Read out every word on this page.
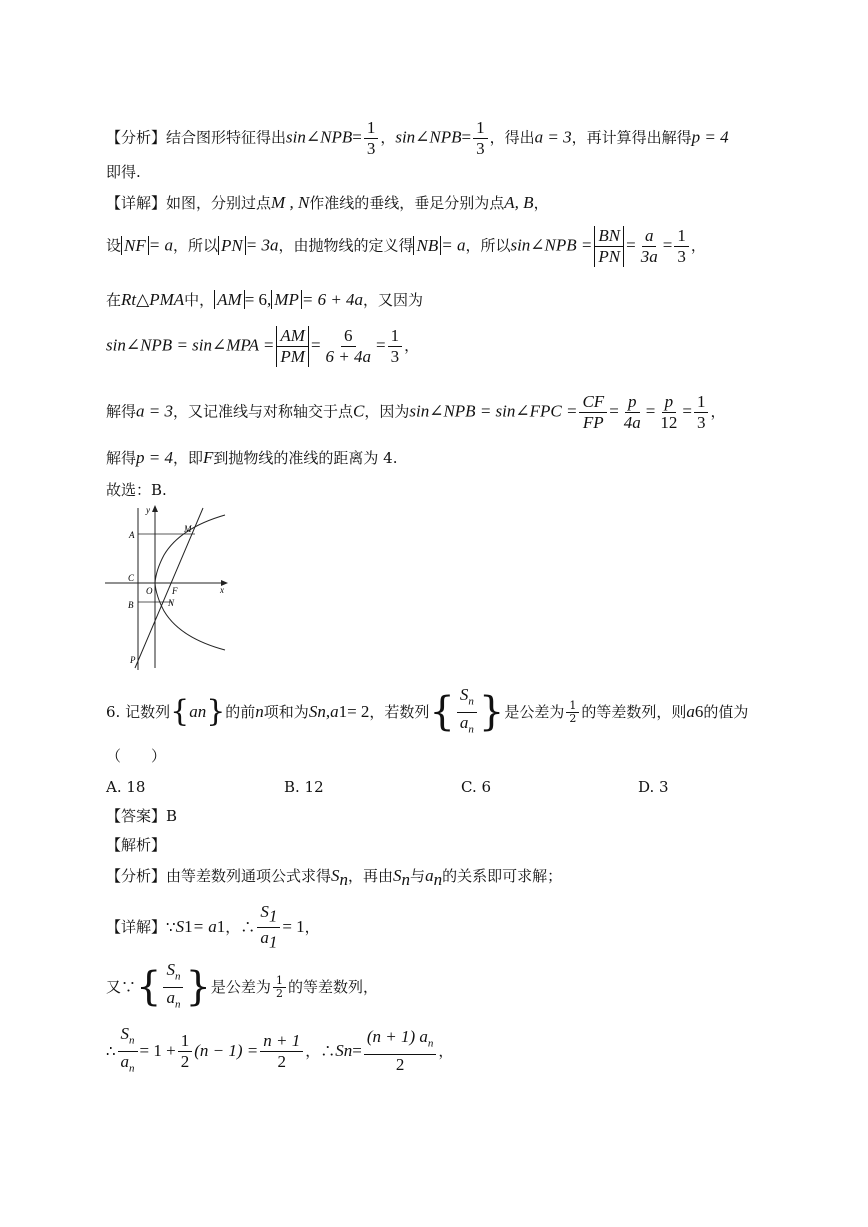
【分析】结合图形特征得出sin∠NPB= $\frac{1}{3}$ ，sin∠NPB= $\frac{1}{3}$ ，得出a = 3，再计算得出解得p = 4
即得.
【详解】如图，分别过点M , N作准线的垂线，垂足分别为点A, B，
设 NF = a，所以 PN = 3a，由抛物线的定义得 NB = a，所以sin∠NPB = $\frac{BN}{PN} = \frac{a}{3a} = \frac{1}{3}$ ，
在Rt△PMA中， AM = 6, MP = 6 + 4a，又因为
sin∠NPB = sin∠MPA = $\frac{AM}{PM} = \frac{6}{6 + 4a} = \frac{1}{3}$ ，
解得a = 3，又记准线与对称轴交于点C，因为sin∠NPB = sin∠FPC = $\frac{CF}{FP} = \frac{p}{4a} = \frac{p}{12} = \frac{1}{3}$ ，
解得p = 4，即F到抛物线的准线的距离为 4.
故选：B.
y
A
M
C
O F	x
B	N
P
6. 记数列 { a n } 的前 n 项和为 S n , a 1 = 2 ，若数列 { $\frac{S_n}{a_n}$ } 是公差为 $\frac{1}{2}$ 的等差数列，则 a 6 的值为
（　　）
A. 18	B. 12	C. 6	D. 3
【答案】B
【解析】
【分析】由等差数列通项公式求得$S_n$，再由$S_n$与$a_n$的关系即可求解；
【详解】 ∵ S 1 = a 1 ，∴ $\frac{S_1}{a_1} = 1$ ，
又∵ { $\frac{S_n}{a_n}$ } 是公差为 $\frac{1}{2}$ 的等差数列，
∴ $\frac{S_n}{a_n} = 1 + \frac{1}{2} (n - 1) = \frac{n + 1}{2}$ ，∴ S $n = \frac{(n + 1) a_n}{2}$ ，
